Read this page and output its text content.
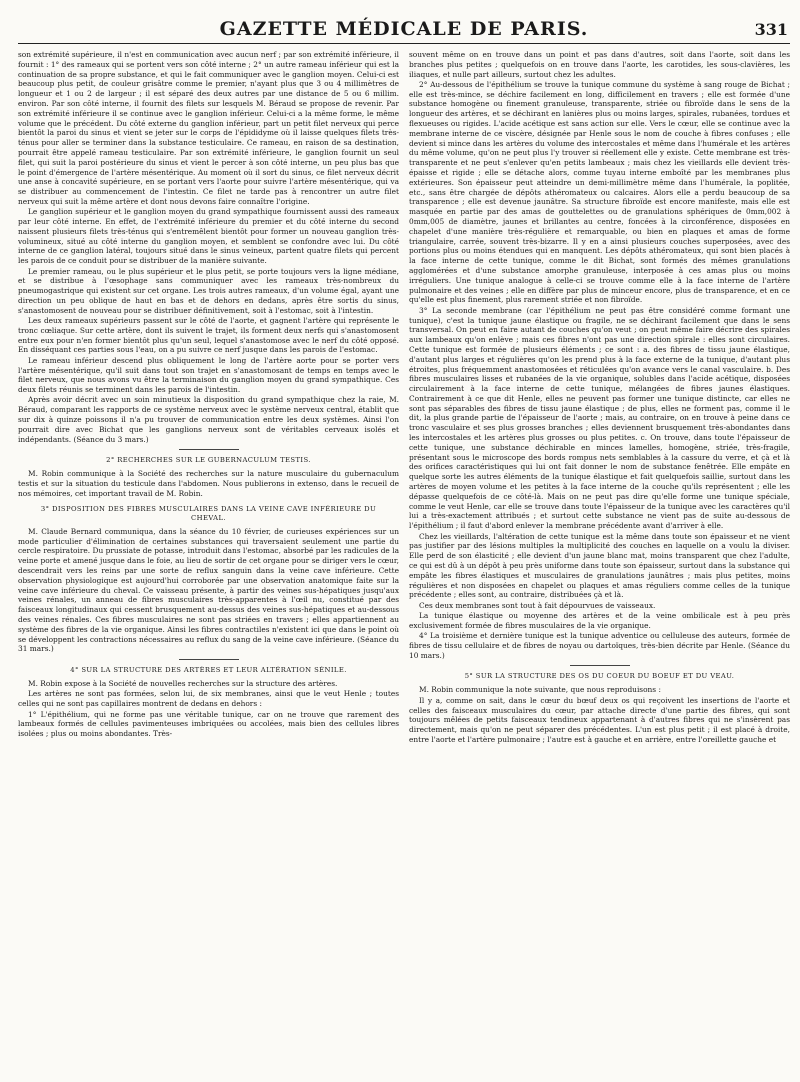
GAZETTE MÉDICALE DE PARIS.	331

son extrémité supérieure, il n'est en communication avec aucun nerf ; par son extrémité inférieure, il fournit : 1° des rameaux qui se portent vers son côté interne ; 2° un autre rameau inférieur qui est la continuation de sa propre substance, et qui le fait communiquer avec le ganglion moyen. Celui-ci est beaucoup plus petit, de couleur grisâtre comme le premier, n'ayant plus que 3 ou 4 millimètres de longueur et 1 ou 2 de largeur ; il est séparé des deux autres par une distance de 5 ou 6 millim. environ. Par son côté interne, il fournit des filets sur lesquels M. Béraud se propose de revenir. Par son extrémité inférieure il se continue avec le ganglion inférieur. Celui-ci a la même forme, le même volume que le précédent. Du côté externe du ganglion inférieur, part un petit filet nerveux qui perce bientôt la paroi du sinus et vient se jeter sur le corps de l'épididyme où il laisse quelques filets très-ténus pour aller se terminer dans la substance testiculaire. Ce rameau, en raison de sa destination, pourrait être appelé rameau testiculaire. Par son extrémité inférieure, le ganglion fournit un seul filet, qui suit la paroi postérieure du sinus et vient le percer à son côté interne, un peu plus bas que le point d'émergence de l'artère mésentérique. Au moment où il sort du sinus, ce filet nerveux décrit une anse à concavité supérieure, en se portant vers l'aorte pour suivre l'artère mésentérique, qui va se distribuer au commencement de l'intestin. Ce filet ne tarde pas à rencontrer un autre filet nerveux qui suit la même artère et dont nous devons faire connaître l'origine.

Le ganglion supérieur et le ganglion moyen du grand sympathique fournissent aussi des rameaux par leur côté interne. En effet, de l'extrémité inférieure du premier et du côté interne du second naissent plusieurs filets très-ténus qui s'entremêlent bientôt pour former un nouveau ganglion très-volumineux, situé au côté interne du ganglion moyen, et semblent se confondre avec lui. Du côté interne de ce ganglion latéral, toujours situé dans le sinus veineux, partent quatre filets qui percent les parois de ce conduit pour se distribuer de la manière suivante.

Le premier rameau, ou le plus supérieur et le plus petit, se porte toujours vers la ligne médiane, et se distribue à l'œsophage sans communiquer avec les rameaux très-nombreux du pneumogastrique qui existent sur cet organe. Les trois autres rameaux, d'un volume égal, ayant une direction un peu oblique de haut en bas et de dehors en dedans, après être sortis du sinus, s'anastomosent de nouveau pour se distribuer définitivement, soit à l'estomac, soit à l'intestin.

Les deux rameaux supérieurs passent sur le côté de l'aorte, et gagnent l'artère qui représente le tronc cœliaque. Sur cette artère, dont ils suivent le trajet, ils forment deux nerfs qui s'anastomosent entre eux pour n'en former bientôt plus qu'un seul, lequel s'anastomose avec le nerf du côté opposé. En disséquant ces parties sous l'eau, on a pu suivre ce nerf jusque dans les parois de l'estomac.

Le rameau inférieur descend plus obliquement le long de l'artère aorte pour se porter vers l'artère mésentérique, qu'il suit dans tout son trajet en s'anastomosant de temps en temps avec le filet nerveux, que nous avons vu être la terminaison du ganglion moyen du grand sympathique. Ces deux filets réunis se terminent dans les parois de l'intestin.

Après avoir décrit avec un soin minutieux la disposition du grand sympathique chez la raie, M. Béraud, comparant les rapports de ce système nerveux avec le système nerveux central, établit que sur dix à quinze poissons il n'a pu trouver de communication entre les deux systèmes. Ainsi l'on pourrait dire avec Bichat que les ganglions nerveux sont de véritables cerveaux isolés et indépendants. (Séance du 3 mars.)

2° RECHERCHES SUR LE GUBERNACULUM TESTIS.

M. Robin communique à la Société des recherches sur la nature musculaire du gubernaculum testis et sur la situation du testicule dans l'abdomen. Nous publierons in extenso, dans le recueil de nos mémoires, cet important travail de M. Robin.

3° DISPOSITION DES FIBRES MUSCULAIRES DANS LA VEINE CAVE INFÉRIEURE DU CHEVAL.

M. Claude Bernard communiqua, dans la séance du 10 février, de curieuses expériences sur un mode particulier d'élimination de certaines substances qui traversaient seulement une partie du cercle respiratoire. Du prussiate de potasse, introduit dans l'estomac, absorbé par les radicules de la veine porte et amené jusque dans le foie, au lieu de sortir de cet organe pour se diriger vers le cœur, descendrait vers les reins par une sorte de reflux sanguin dans la veine cave inférieure. Cette observation physiologique est aujourd'hui corroborée par une observation anatomique faite sur la veine cave inférieure du cheval. Ce vaisseau présente, à partir des veines sus-hépatiques jusqu'aux veines rénales, un anneau de fibres musculaires très-apparentes à l'œil nu, constitué par des faisceaux longitudinaux qui cessent brusquement au-dessus des veines sus-hépatiques et au-dessous des veines rénales. Ces fibres musculaires ne sont pas striées en travers ; elles appartiennent au système des fibres de la vie organique. Ainsi les fibres contractiles n'existent ici que dans le point où se développent les contractions nécessaires au reflux du sang de la veine cave inférieure. (Séance du 31 mars.)

4° SUR LA STRUCTURE DES ARTÈRES ET LEUR ALTÉRATION SÉNILE.

M. Robin expose à la Société de nouvelles recherches sur la structure des artères.

Les artères ne sont pas formées, selon lui, de six membranes, ainsi que le veut Henle ; toutes celles qui ne sont pas capillaires montrent de dedans en dehors :

1° L'épithélium, qui ne forme pas une véritable tunique, car on ne trouve que rarement des lambeaux formés de cellules pavimenteuses imbriquées ou accolées, mais bien des cellules libres isolées ; plus ou moins abondantes. Très-

souvent même on en trouve dans un point et pas dans d'autres, soit dans l'aorte, soit dans les branches plus petites ; quelquefois on en trouve dans l'aorte, les carotides, les sous-clavières, les iliaques, et nulle part ailleurs, surtout chez les adultes.

2° Au-dessous de l'épithélium se trouve la tunique commune du système à sang rouge de Bichat ; elle est très-mince, se déchire facilement en long, difficilement en travers ; elle est formée d'une substance homogène ou finement granuleuse, transparente, striée ou fibroïde dans le sens de la longueur des artères, et se déchirant en lanières plus ou moins larges, spirales, rubanées, tordues et flexueuses ou rigides. L'acide acétique est sans action sur elle. Vers le cœur, elle se continue avec la membrane interne de ce viscère, désignée par Henle sous le nom de couche à fibres confuses ; elle devient si mince dans les artères du volume des intercostales et même dans l'humérale et les artères du même volume, qu'on ne peut plus l'y trouver si réellement elle y existe. Cette membrane est très-transparente et ne peut s'enlever qu'en petits lambeaux ; mais chez les vieillards elle devient très-épaisse et rigide ; elle se détache alors, comme tuyau interne emboîté par les membranes plus extérieures. Son épaisseur peut atteindre un demi-millimètre même dans l'humérale, la poplitée, etc., sans être chargée de dépôts athéromateux ou calcaires. Alors elle a perdu beaucoup de sa transparence ; elle est devenue jaunâtre. Sa structure fibroïde est encore manifeste, mais elle est masquée en partie par des amas de gouttelettes ou de granulations sphériques de 0mm,002 à 0mm,005 de diamètre, jaunes et brillantes au centre, foncées à la circonférence, disposées en chapelet d'une manière très-régulière et remarquable, ou bien en plaques et amas de forme triangulaire, carrée, souvent très-bizarre. Il y en a ainsi plusieurs couches superposées, avec des portions plus ou moins étendues qui en manquent. Les dépôts athéromateux, qui sont bien placés à la face interne de cette tunique, comme le dit Bichat, sont formés des mêmes granulations agglomérées et d'une substance amorphe granuleuse, interposée à ces amas plus ou moins irréguliers. Une tunique analogue à celle-ci se trouve comme elle à la face interne de l'artère pulmonaire et des veines ; elle en diffère par plus de minceur encore, plus de transparence, et en ce qu'elle est plus finement, plus rarement striée et non fibroïde.

3° La seconde membrane (car l'épithélium ne peut pas être considéré comme formant une tunique), c'est la tunique jaune élastique ou fragile, ne se déchirant facilement que dans le sens transversal. On peut en faire autant de couches qu'on veut ; on peut même faire décrire des spirales aux lambeaux qu'on enlève ; mais ces fibres n'ont pas une direction spirale : elles sont circulaires. Cette tunique est formée de plusieurs éléments ; ce sont : a. des fibres de tissu jaune élastique, d'autant plus larges et régulières qu'on les prend plus à la face externe de la tunique, d'autant plus étroites, plus fréquemment anastomosées et réticulées qu'on avance vers le canal vasculaire. b. Des fibres musculaires lisses et rubanées de la vie organique, solubles dans l'acide acétique, disposées circulairement à la face interne de cette tunique, mélangées de fibres jaunes élastiques. Contrairement à ce que dit Henle, elles ne peuvent pas former une tunique distincte, car elles ne sont pas séparables des fibres de tissu jaune élastique ; de plus, elles ne forment pas, comme il le dit, la plus grande partie de l'épaisseur de l'aorte ; mais, au contraire, on en trouve à peine dans ce tronc vasculaire et ses plus grosses branches ; elles deviennent brusquement très-abondantes dans les intercostales et les artères plus grosses ou plus petites. c. On trouve, dans toute l'épaisseur de cette tunique, une substance déchirable en minces lamelles, homogène, striée, très-fragile, présentant sous le microscope des bords rompus nets semblables à la cassure du verre, et çà et là des orifices caractéristiques qui lui ont fait donner le nom de substance fenêtrée. Elle empâte en quelque sorte les autres éléments de la tunique élastique et fait quelquefois saillie, surtout dans les artères de moyen volume et les petites à la face interne de la couche qu'ils représentent ; elle les dépasse quelquefois de ce côté-là. Mais on ne peut pas dire qu'elle forme une tunique spéciale, comme le veut Henle, car elle se trouve dans toute l'épaisseur de la tunique avec les caractères qu'il lui a très-exactement attribués ; et surtout cette substance ne vient pas de suite au-dessous de l'épithélium ; il faut d'abord enlever la membrane précédente avant d'arriver à elle.

Chez les vieillards, l'altération de cette tunique est la même dans toute son épaisseur et ne vient pas justifier par des lésions multiples la multiplicité des couches en laquelle on a voulu la diviser. Elle perd de son élasticité ; elle devient d'un jaune blanc mat, moins transparent que chez l'adulte, ce qui est dû à un dépôt à peu près uniforme dans toute son épaisseur, surtout dans la substance qui empâte les fibres élastiques et musculaires de granulations jaunâtres ; mais plus petites, moins régulières et non disposées en chapelet ou plaques et amas réguliers comme celles de la tunique précédente ; elles sont, au contraire, distribuées çà et là.

Ces deux membranes sont tout à fait dépourvues de vaisseaux.

La tunique élastique ou moyenne des artères et de la veine ombilicale est à peu près exclusivement formée de fibres musculaires de la vie organique.

4° La troisième et dernière tunique est la tunique adventice ou celluleuse des auteurs, formée de fibres de tissu cellulaire et de fibres de noyau ou dartoïques, très-bien décrite par Henle. (Séance du 10 mars.)

5° SUR LA STRUCTURE DES OS DU COEUR DU BOEUF ET DU VEAU.

M. Robin communique la note suivante, que nous reproduisons :

Il y a, comme on sait, dans le cœur du bœuf deux os qui reçoivent les insertions de l'aorte et celles des faisceaux musculaires du cœur, par attache directe d'une partie des fibres, qui sont toujours mêlées de petits faisceaux tendineux appartenant à d'autres fibres qui ne s'insèrent pas directement, mais qu'on ne peut séparer des précédentes. L'un est plus petit ; il est placé à droite, entre l'aorte et l'artère pulmonaire ; l'autre est à gauche et en arrière, entre l'oreillette gauche et
